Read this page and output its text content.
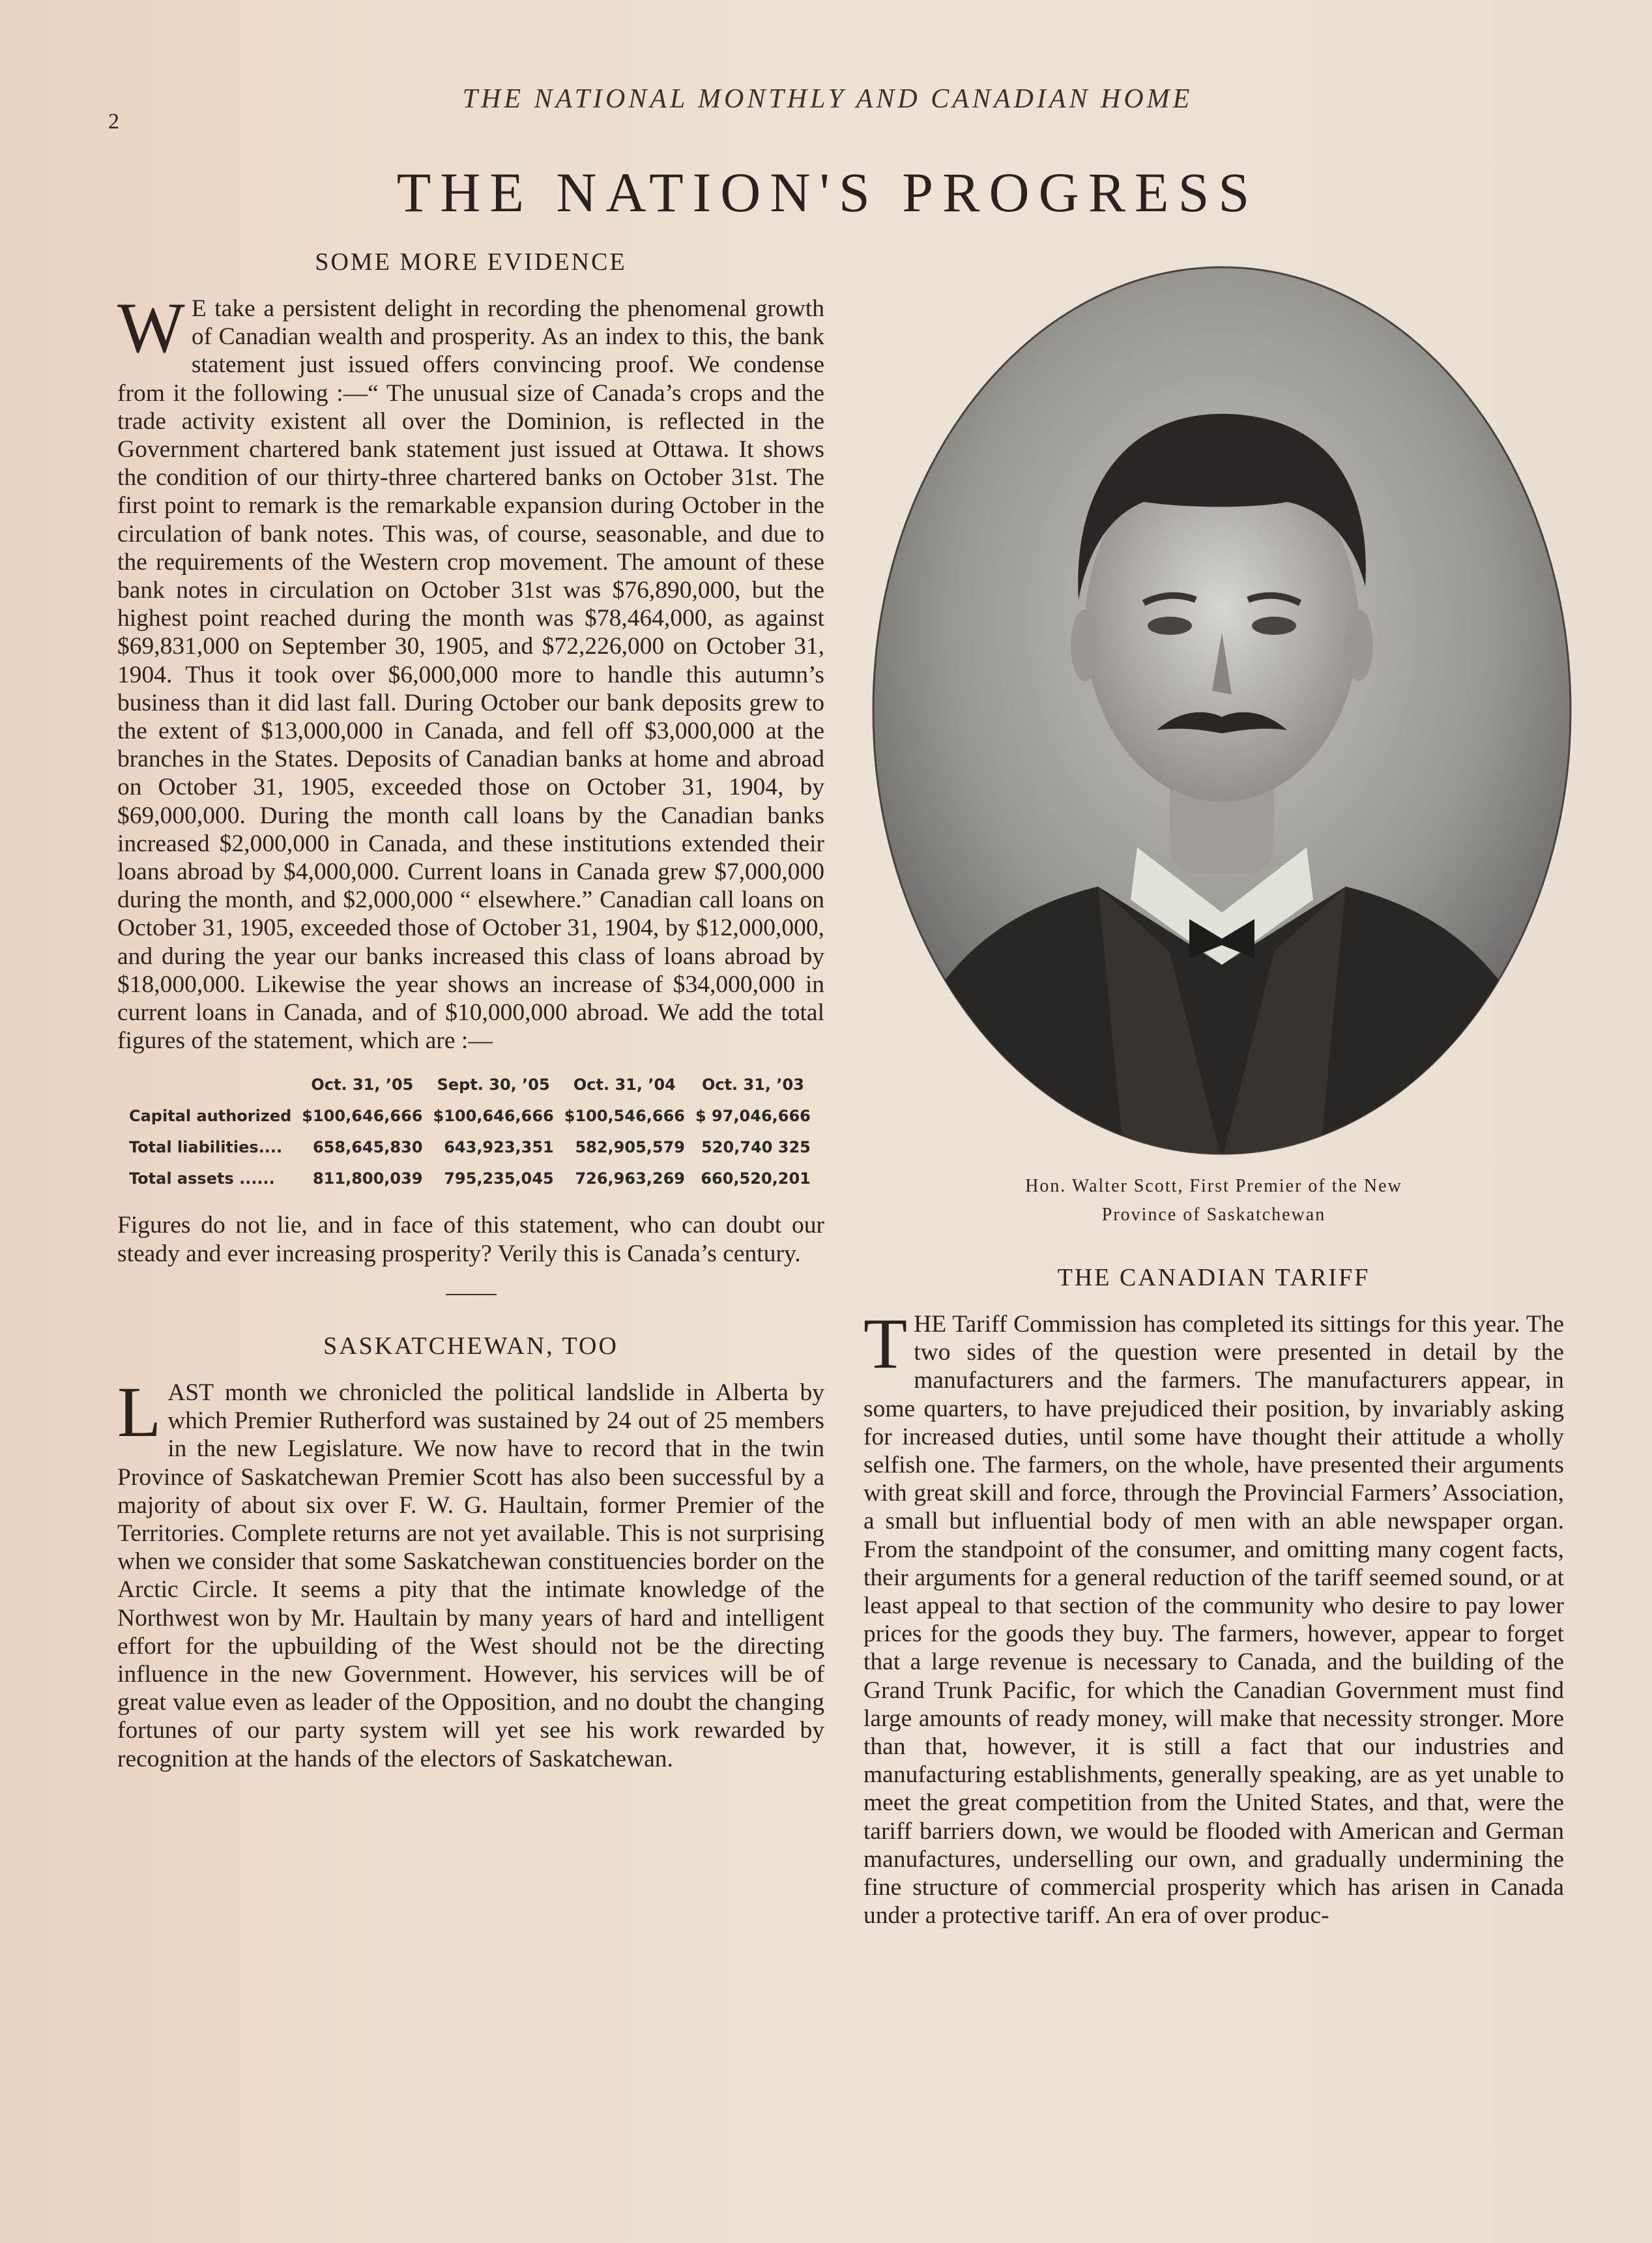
2
THE NATIONAL MONTHLY AND CANADIAN HOME
THE NATION'S PROGRESS
SOME MORE EVIDENCE

W E take a persistent delight in recording the phenomenal growth of Canadian wealth and prosperity. As an index to this, the bank statement just issued offers convincing proof. We condense from it the following :—“ The unusual size of Canada’s crops and the trade activity existent all over the Dominion, is reflected in the Government chartered bank statement just issued at Ottawa. It shows the condition of our thirty-three chartered banks on October 31st. The first point to remark is the remarkable expansion during October in the circulation of bank notes. This was, of course, seasonable, and due to the requirements of the Western crop movement. The amount of these bank notes in circulation on October 31st was $76,890,000, but the highest point reached during the month was $78,464,000, as against $69,831,000 on September 30, 1905, and $72,226,000 on October 31, 1904. Thus it took over $6,000,000 more to handle this autumn’s business than it did last fall. During October our bank deposits grew to the extent of $13,000,000 in Canada, and fell off $3,000,000 at the branches in the States. Deposits of Canadian banks at home and abroad on October 31, 1905, exceeded those on October 31, 1904, by $69,000,000. During the month call loans by the Canadian banks increased $2,000,000 in Canada, and these institutions extended their loans abroad by $4,000,000. Current loans in Canada grew $7,000,000 during the month, and $2,000,000 “ elsewhere.” Canadian call loans on October 31, 1905, exceeded those of October 31, 1904, by $12,000,000, and during the year our banks increased this class of loans abroad by $18,000,000. Likewise the year shows an increase of $34,000,000 in current loans in Canada, and of $10,000,000 abroad. We add the total figures of the statement, which are :—

	Oct. 31, ’05	Sept. 30, ’05	Oct. 31, ’04	Oct. 31, ’03
Capital authorized	$100,646,666	$100,646,666	$100,546,666	$ 97,046,666
Total liabilities....	658,645,830	643,923,351	582,905,579	520,740 325
Total assets ......	811,800,039	795,235,045	726,963,269	660,520,201

Figures do not lie, and in face of this statement, who can doubt our steady and ever increasing prosperity? Verily this is Canada’s century.

SASKATCHEWAN, TOO

LAST month we chronicled the political landslide in Alberta by which Premier Rutherford was sustained by 24 out of 25 members in the new Legislature. We now have to record that in the twin Province of Saskatchewan Premier Scott has also been successful by a majority of about six over F. W. G. Haultain, former Premier of the Territories. Complete returns are not yet available. This is not surprising when we consider that some Saskatchewan constituencies border on the Arctic Circle. It seems a pity that the intimate knowledge of the Northwest won by Mr. Haultain by many years of hard and intelligent effort for the upbuilding of the West should not be the directing influence in the new Government. However, his services will be of great value even as leader of the Opposition, and no doubt the changing fortunes of our party system will yet see his work rewarded by recognition at the hands of the electors of Saskatchewan.

Hon. Walter Scott, First Premier of the New
Province of Saskatchewan
THE CANADIAN TARIFF

THE Tariff Commission has completed its sittings for this year. The two sides of the question were presented in detail by the manufacturers and the farmers. The manufacturers appear, in some quarters, to have prejudiced their position, by invariably asking for increased duties, until some have thought their attitude a wholly selfish one. The farmers, on the whole, have presented their arguments with great skill and force, through the Provincial Farmers’ Association, a small but influential body of men with an able newspaper organ. From the standpoint of the consumer, and omitting many cogent facts, their arguments for a general reduction of the tariff seemed sound, or at least appeal to that section of the community who desire to pay lower prices for the goods they buy. The farmers, however, appear to forget that a large revenue is necessary to Canada, and the building of the Grand Trunk Pacific, for which the Canadian Government must find large amounts of ready money, will make that necessity stronger. More than that, however, it is still a fact that our industries and manufacturing establishments, generally speaking, are as yet unable to meet the great competition from the United States, and that, were the tariff barriers down, we would be flooded with American and German manufactures, underselling our own, and gradually undermining the fine structure of commercial prosperity which has arisen in Canada under a protective tariff. An era of over produc-
